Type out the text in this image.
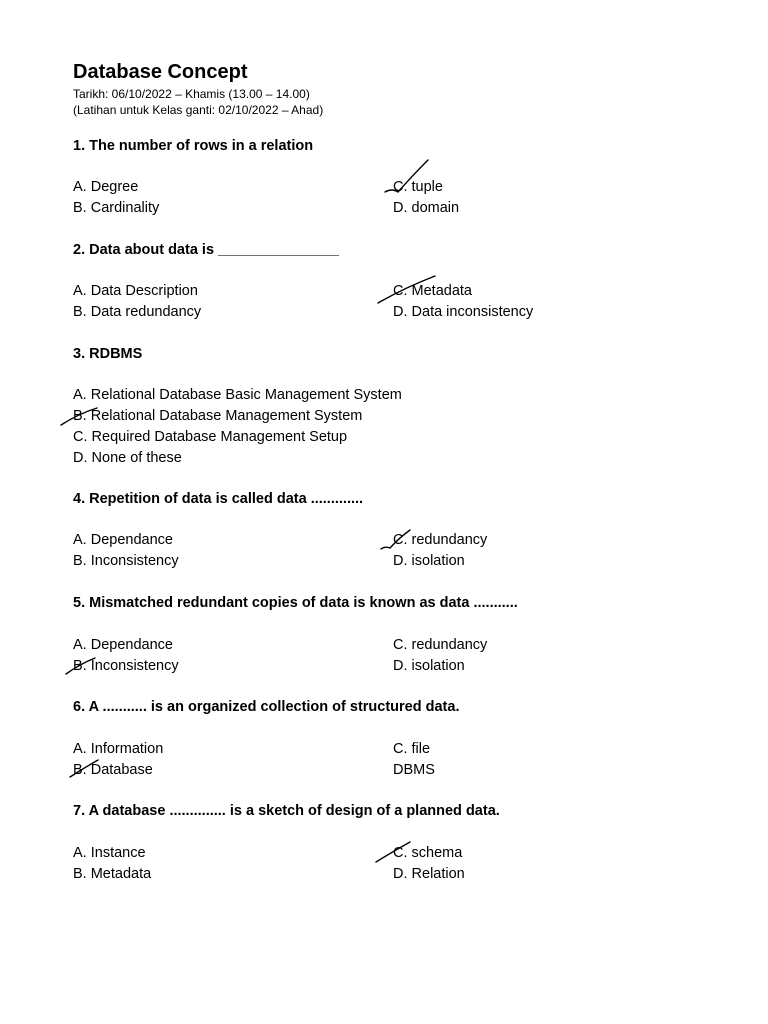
Database Concept
Tarikh: 06/10/2022 – Khamis (13.00 – 14.00)
(Latihan untuk Kelas ganti: 02/10/2022 – Ahad)
1. The number of rows in a relation
A. Degree
B. Cardinality
C. tuple
D. domain
2. Data about data is _______________
A. Data Description
B. Data redundancy
C. Metadata
D. Data inconsistency
3. RDBMS
A. Relational Database Basic Management System
B. Relational Database Management System
C. Required Database Management Setup
D. None of these
4. Repetition of data is called data .............
A. Dependance
B. Inconsistency
C. redundancy
D. isolation
5. Mismatched redundant copies of data is known as data ...........
A. Dependance
B. Inconsistency
C. redundancy
D. isolation
6. A ........... is an organized collection of structured data.
A. Information
B. Database
C. file
DBMS
7. A database .............. is a sketch of design of a planned data.
A. Instance
B. Metadata
C. schema
D. Relation
